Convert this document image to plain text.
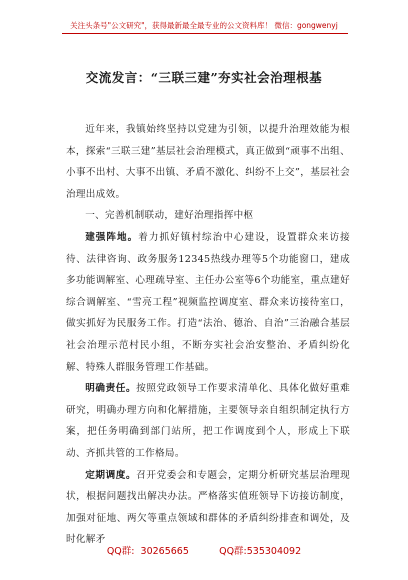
关注头条号"公文研究"，获得最新最全最专业的公文资料库！ 微信：gongwenyj
交流发言：“三联三建”夯实社会治理根基

近年来，我镇始终坚持以党建为引领，以提升治理效能为根本，探索“三联三建”基层社会治理模式，真正做到“顽事不出组、小事不出村、大事不出镇、矛盾不激化、纠纷不上交”，基层社会治理出成效。

一、完善机制联动，建好治理指挥中枢

建强阵地。着力抓好镇村综治中心建设，设置群众来访接待、法律咨询、政务服务12345热线办理等5个功能窗口，建成多功能调解室、心理疏导室、主任办公室等6个功能室，重点建好综合调解室、“雪亮工程”视频监控调度室、群众来访接待室口，做实抓好为民服务工作。打造“法治、德治、自治”三治融合基层社会治理示范村民小组，不断夯实社会治安整治、矛盾纠纷化解、特殊人群服务管理工作基础。

明确责任。按照党政领导工作要求清单化、具体化做好重难研究，明确办理方向和化解措施，主要领导亲自组织制定执行方案，把任务明确到部门站所，把工作调度到个人，形成上下联动、齐抓共管的工作格局。

定期调度。召开党委会和专题会，定期分析研究基层治理现状，根据问题找出解决办法。严格落实值班领导下访接访制度，加强对征地、两欠等重点领域和群体的矛盾纠纷排查和调处，及时化解矛

QQ群:  30265665	QQ群:535304092
